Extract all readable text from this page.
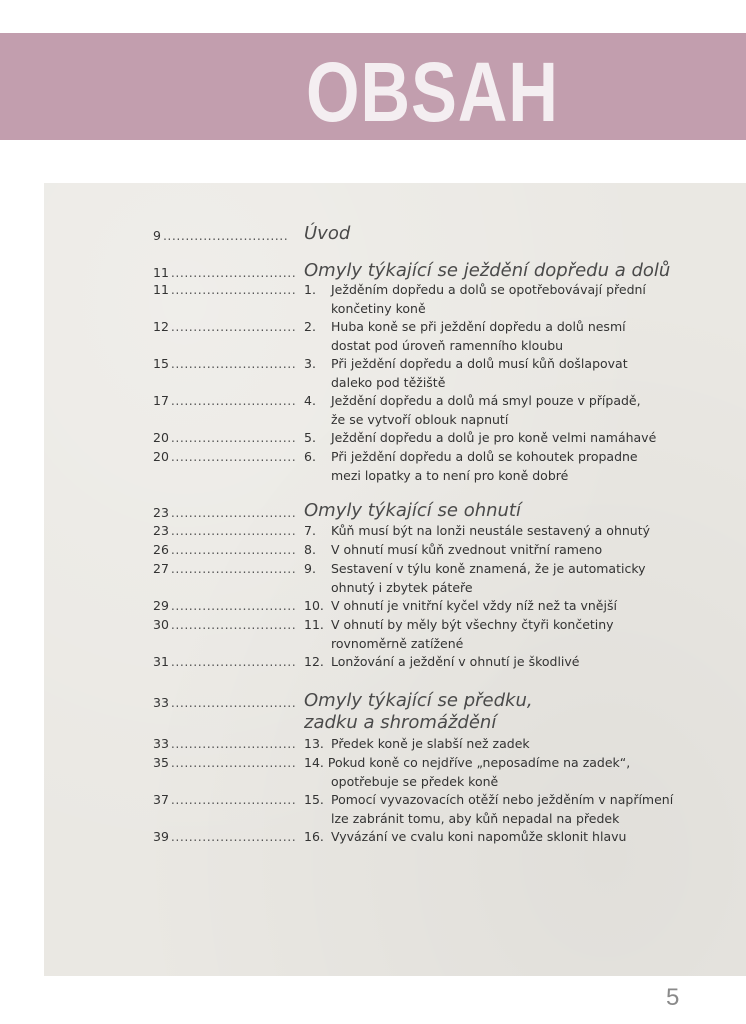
OBSAH
9 ............................ Úvod
11 ............................ Omyly týkající se ježdění dopředu a dolů
11 ............................ 1. Ježděním dopředu a dolů se opotřebovávají přední
končetiny koně
12 ............................ 2. Huba koně se při ježdění dopředu a dolů nesmí
dostat pod úroveň ramenního kloubu
15 ............................ 3. Při ježdění dopředu a dolů musí kůň došlapovat
daleko pod těžiště
17 ............................ 4. Ježdění dopředu a dolů má smyl pouze v případě,
že se vytvoří oblouk napnutí
20 ............................ 5. Ježdění dopředu a dolů je pro koně velmi namáhavé
20 ............................ 6. Při ježdění dopředu a dolů se kohoutek propadne
mezi lopatky a to není pro koně dobré
23 ............................ Omyly týkající se ohnutí
23 ............................ 7. Kůň musí být na lonži neustále sestavený a ohnutý
26 ............................ 8. V ohnutí musí kůň zvednout vnitřní rameno
27 ............................ 9. Sestavení v týlu koně znamená, že je automaticky
ohnutý i zbytek páteře
29 ............................ 10. V ohnutí je vnitřní kyčel vždy níž než ta vnější
30 ............................ 11. V ohnutí by měly být všechny čtyři končetiny
rovnoměrně zatížené
31 ............................ 12. Lonžování a ježdění v ohnutí je škodlivé
33 ............................ Omyly týkající se předku,
zadku a shromáždění
33 ............................ 13. Předek koně je slabší než zadek
35 ............................ 14. Pokud koně co nejdříve „neposadíme na zadek“,

opotřebuje se předek koně
37 ............................ 15. Pomocí vyvazovacích otěží nebo ježděním v napřímení
lze zabránit tomu, aby kůň nepadal na předek
39 ............................ 16. Vyvázání ve cvalu koni napomůže sklonit hlavu
5
